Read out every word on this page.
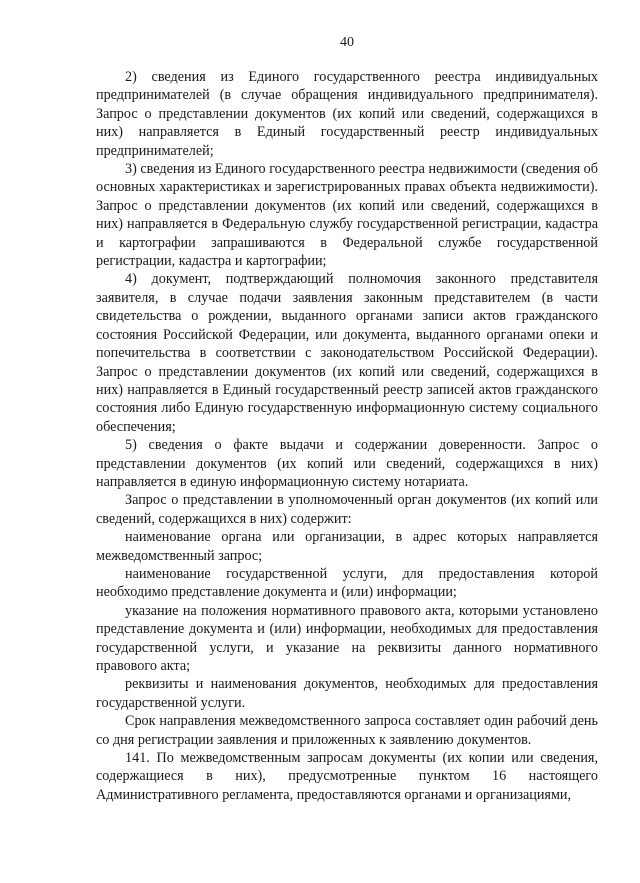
40

2) сведения из Единого государственного реестра индивидуальных предпринимателей (в случае обращения индивидуального предпринимателя). Запрос о представлении документов (их копий или сведений, содержащихся в них) направляется в Единый государственный реестр индивидуальных предпринимателей;

3) сведения из Единого государственного реестра недвижимости (сведения об основных характеристиках и зарегистрированных правах объекта недвижимости). Запрос о представлении документов (их копий или сведений, содержащихся в них) направляется в Федеральную службу государственной регистрации, кадастра и картографии запрашиваются в Федеральной службе государственной регистрации, кадастра и картографии;

4) документ, подтверждающий полномочия законного представителя заявителя, в случае подачи заявления законным представителем (в части свидетельства о рождении, выданного органами записи актов гражданского состояния Российской Федерации, или документа, выданного органами опеки и попечительства в соответствии с законодательством Российской Федерации). Запрос о представлении документов (их копий или сведений, содержащихся в них) направляется в Единый государственный реестр записей актов гражданского состояния либо Единую государственную информационную систему социального обеспечения;

5) сведения о факте выдачи и содержании доверенности. Запрос о представлении документов (их копий или сведений, содержащихся в них) направляется в единую информационную систему нотариата.

Запрос о представлении в уполномоченный орган документов (их копий или сведений, содержащихся в них) содержит:

наименование органа или организации, в адрес которых направляется межведомственный запрос;

наименование государственной услуги, для предоставления которой необходимо представление документа и (или) информации;

указание на положения нормативного правового акта, которыми установлено представление документа и (или) информации, необходимых для предоставления государственной услуги, и указание на реквизиты данного нормативного правового акта;

реквизиты и наименования документов, необходимых для предоставления государственной услуги.

Срок направления межведомственного запроса составляет один рабочий день со дня регистрации заявления и приложенных к заявлению документов.

141. По межведомственным запросам документы (их копии или сведения, содержащиеся в них), предусмотренные пунктом 16 настоящего Административного регламента, предоставляются органами и организациями,
